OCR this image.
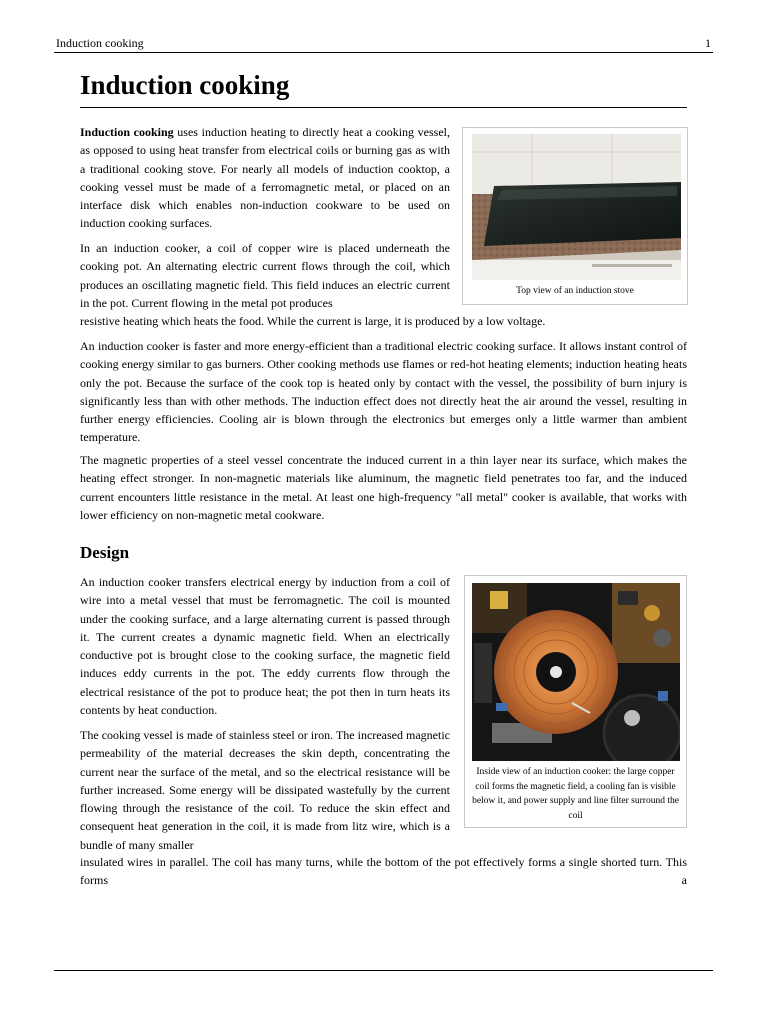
Induction cooking	1
Induction cooking

Induction cooking uses induction heating to directly heat a cooking vessel, as opposed to using heat transfer from electrical coils or burning gas as with a traditional cooking stove. For nearly all models of induction cooktop, a cooking vessel must be made of a ferromagnetic metal, or placed on an interface disk which enables non-induction cookware to be used on induction cooking surfaces.

In an induction cooker, a coil of copper wire is placed underneath the cooking pot. An alternating electric current flows through the coil, which produces an oscillating magnetic field. This field induces an electric current in the pot. Current flowing in the metal pot produces

resistive heating which heats the food. While the current is large, it is produced by a low voltage.

An induction cooker is faster and more energy-efficient than a traditional electric cooking surface. It allows instant control of cooking energy similar to gas burners. Other cooking methods use flames or red-hot heating elements; induction heating heats only the pot. Because the surface of the cook top is heated only by contact with the vessel, the possibility of burn injury is significantly less than with other methods. The induction effect does not directly heat the air around the vessel, resulting in further energy efficiencies. Cooling air is blown through the electronics but emerges only a little warmer than ambient temperature.

The magnetic properties of a steel vessel concentrate the induced current in a thin layer near its surface, which makes the heating effect stronger. In non-magnetic materials like aluminum, the magnetic field penetrates too far, and the induced current encounters little resistance in the metal. At least one high-frequency "all metal" cooker is available, that works with lower efficiency on non-magnetic metal cookware.

Design

An induction cooker transfers electrical energy by induction from a coil of wire into a metal vessel that must be ferromagnetic. The coil is mounted under the cooking surface, and a large alternating current is passed through it. The current creates a dynamic magnetic field. When an electrically conductive pot is brought close to the cooking surface, the magnetic field induces eddy currents in the pot. The eddy currents flow through the electrical resistance of the pot to produce heat; the pot then in turn heats its contents by heat conduction.

The cooking vessel is made of stainless steel or iron. The increased magnetic permeability of the material decreases the skin depth, concentrating the current near the surface of the metal, and so the electrical resistance will be further increased. Some energy will be dissipated wastefully by the current flowing through the resistance of the coil. To reduce the skin effect and consequent heat generation in the coil, it is made from litz wire, which is a bundle of many smaller

insulated wires in parallel. The coil has many turns, while the bottom of the pot effectively forms a single shorted turn. This forms a

Top view of an induction stove
Inside view of an induction cooker: the large copper coil forms the magnetic field, a cooling fan is visible below it, and power supply and line filter surround the coil
